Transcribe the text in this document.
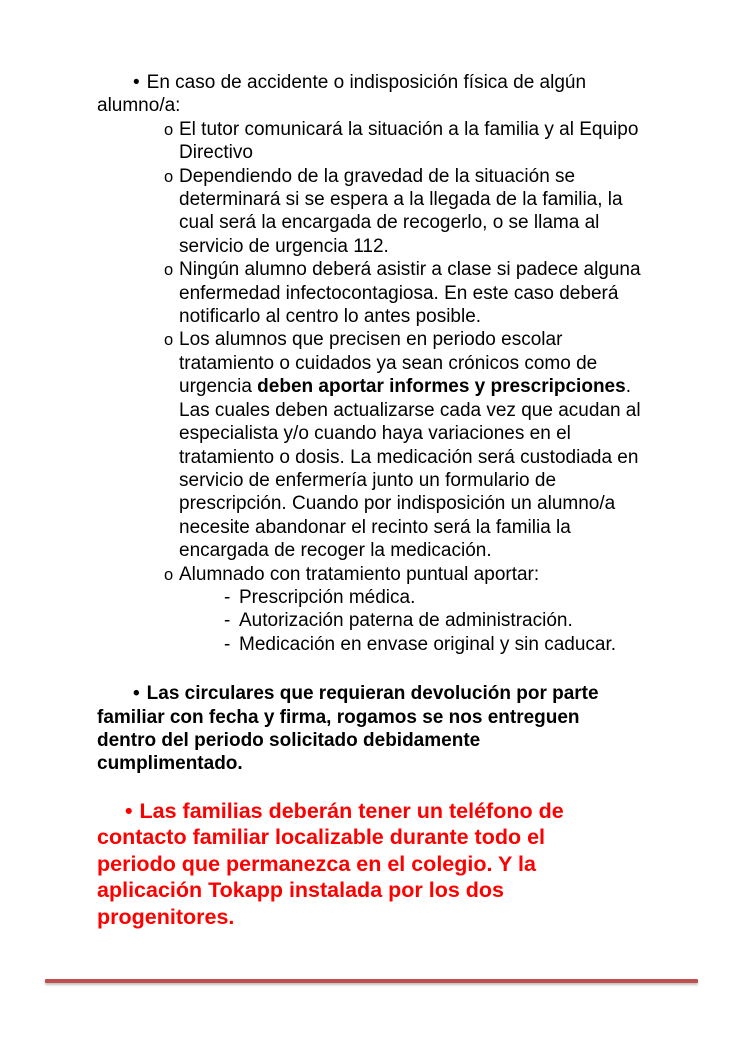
• En caso de accidente o indisposición física de algún
alumno/a:
o El tutor comunicará la situación a la familia y al Equipo
Directivo
o Dependiendo de la gravedad de la situación se
determinará si se espera a la llegada de la familia, la
cual será la encargada de recogerlo, o se llama al
servicio de urgencia 112.
o Ningún alumno deberá asistir a clase si padece alguna
enfermedad infectocontagiosa. En este caso deberá
notificarlo al centro lo antes posible.
o Los alumnos que precisen en periodo escolar
tratamiento o cuidados ya sean crónicos como de
urgencia deben aportar informes y prescripciones.
Las cuales deben actualizarse cada vez que acudan al
especialista y/o cuando haya variaciones en el
tratamiento o dosis. La medicación será custodiada en
servicio de enfermería junto un formulario de
prescripción. Cuando por indisposición un alumno/a
necesite abandonar el recinto será la familia la
encargada de recoger la medicación.
o Alumnado con tratamiento puntual aportar:
- Prescripción médica.
- Autorización paterna de administración.
- Medicación en envase original y sin caducar.
• Las circulares que requieran devolución por parte
familiar con fecha y firma, rogamos se nos entreguen
dentro del periodo solicitado debidamente
cumplimentado.
• Las familias deberán tener un teléfono de
contacto familiar localizable durante todo el
periodo que permanezca en el colegio. Y la
aplicación Tokapp instalada por los dos
progenitores.
